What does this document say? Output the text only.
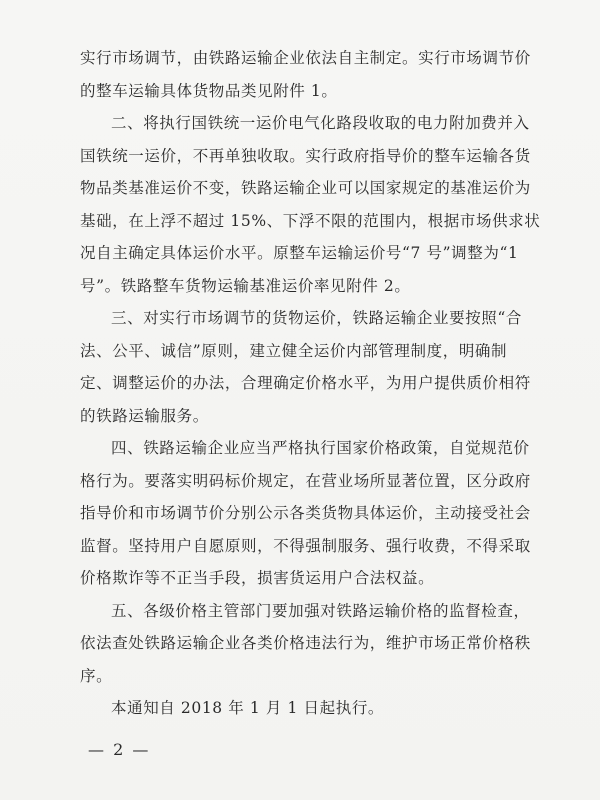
实行市场调节，由铁路运输企业依法自主制定。实行市场调节价
的整车运输具体货物品类见附件 1。

二、将执行国铁统一运价电气化路段收取的电力附加费并入
国铁统一运价，不再单独收取。实行政府指导价的整车运输各货
物品类基准运价不变，铁路运输企业可以国家规定的基准运价为
基础，在上浮不超过 15%、下浮不限的范围内，根据市场供求状
况自主确定具体运价水平。原整车运输运价号“7 号”调整为“1
号”。铁路整车货物运输基准运价率见附件 2。

三、对实行市场调节的货物运价，铁路运输企业要按照“合
法、公平、诚信”原则，建立健全运价内部管理制度，明确制
定、调整运价的办法，合理确定价格水平，为用户提供质价相符
的铁路运输服务。

四、铁路运输企业应当严格执行国家价格政策，自觉规范价
格行为。要落实明码标价规定，在营业场所显著位置，区分政府
指导价和市场调节价分别公示各类货物具体运价，主动接受社会
监督。坚持用户自愿原则，不得强制服务、强行收费，不得采取
价格欺诈等不正当手段，损害货运用户合法权益。

五、各级价格主管部门要加强对铁路运输价格的监督检查，
依法查处铁路运输企业各类价格违法行为，维护市场正常价格秩
序。

本通知自 2018 年 1 月 1 日起执行。

— 2 —
